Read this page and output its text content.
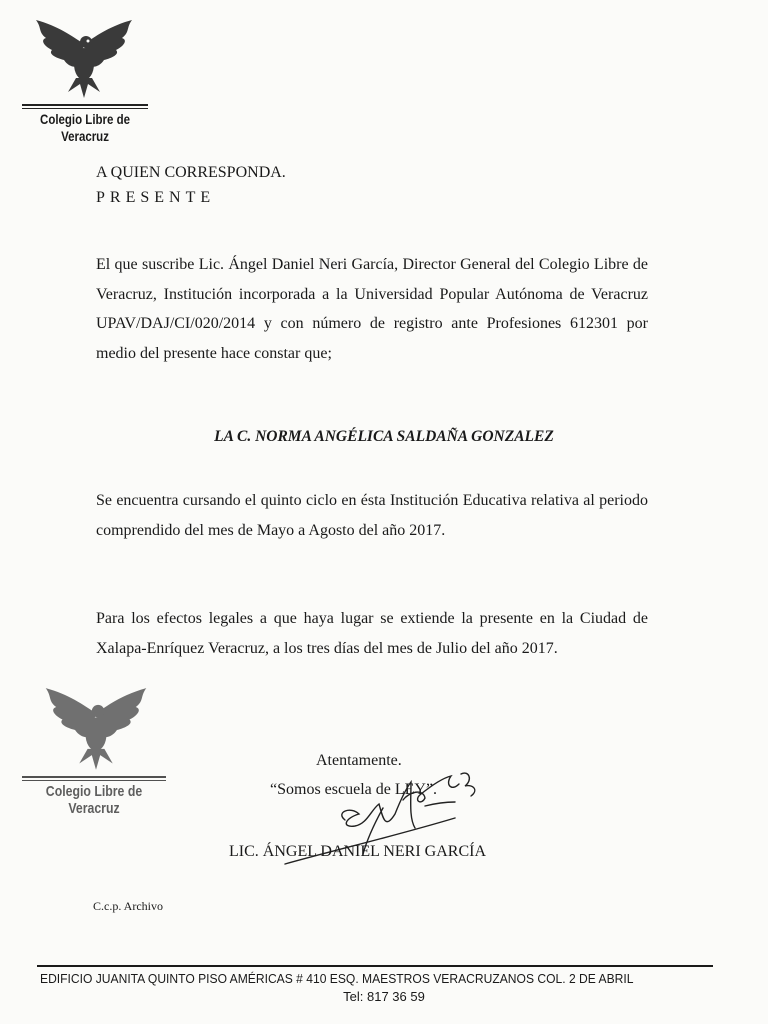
Colegio Libre de
Veracruz
A QUIEN CORRESPONDA.
PRESENTE

El que suscribe Lic. Ángel Daniel Neri García, Director General del Colegio Libre de Veracruz, Institución incorporada a la Universidad Popular Autónoma de Veracruz UPAV/DAJ/CI/020/2014 y con número de registro ante Profesiones 612301 por medio del presente hace constar que;

LA C. NORMA ANGÉLICA SALDAÑA GONZALEZ

Se encuentra cursando el quinto ciclo en ésta Institución Educativa relativa al periodo comprendido del mes de Mayo a Agosto del año 2017.

Para los efectos legales a que haya lugar se extiende la presente en la Ciudad de Xalapa-Enríquez Veracruz, a los tres días del mes de Julio del año 2017.

Colegio Libre de
Veracruz
Atentamente.
“Somos escuela de LEY”.
LIC. ÁNGEL DANIEL NERI GARCÍA
C.c.p. Archivo
EDIFICIO JUANITA QUINTO PISO AMÉRICAS # 410 ESQ. MAESTROS VERACRUZANOS COL. 2 DE ABRIL
Tel: 817 36 59
